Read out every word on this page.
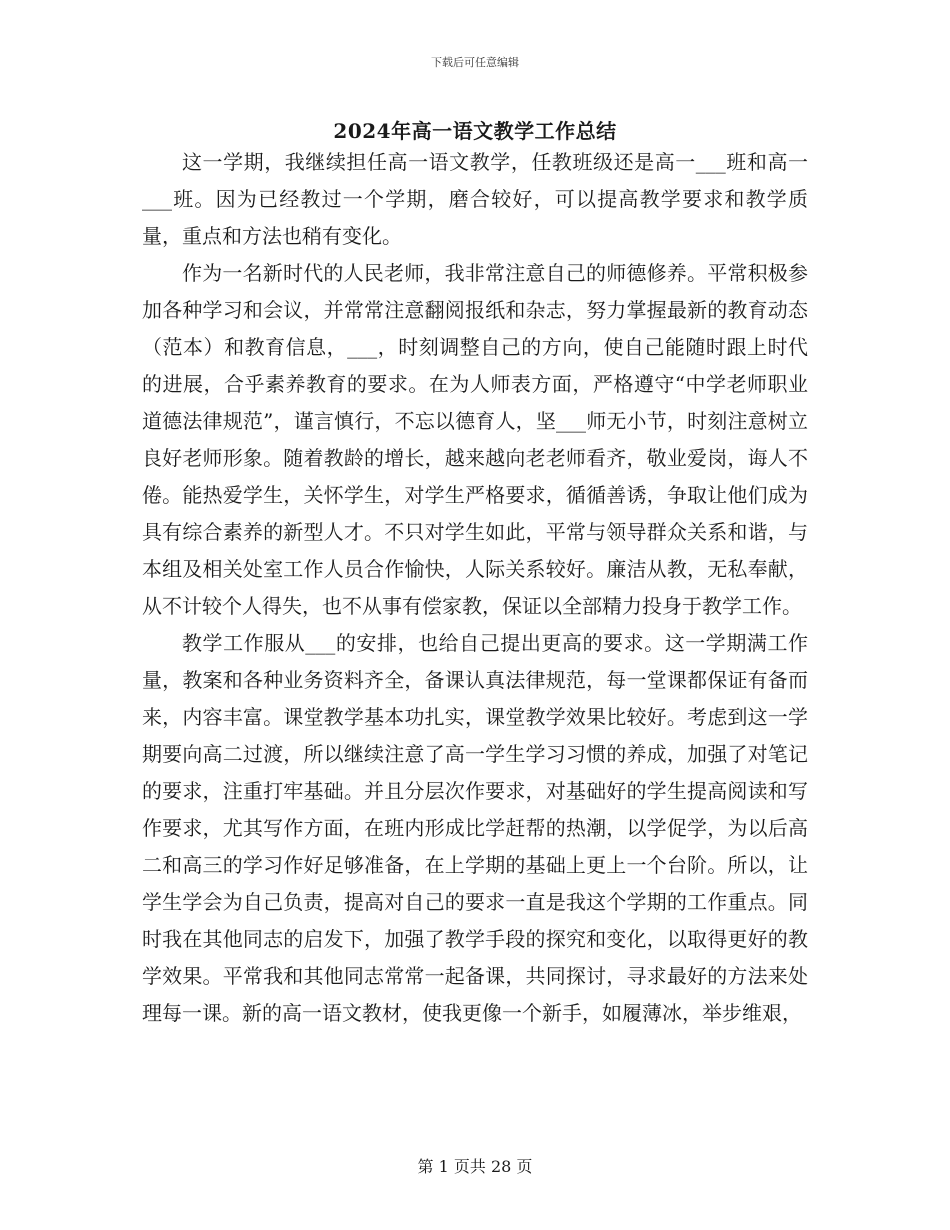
下载后可任意编辑
2024年高一语文教学工作总结

这一学期，我继续担任高一语文教学，任教班级还是高一___班和高一___班。因为已经教过一个学期，磨合较好，可以提高教学要求和教学质量，重点和方法也稍有变化。

作为一名新时代的人民老师，我非常注意自己的师德修养。平常积极参加各种学习和会议，并常常注意翻阅报纸和杂志，努力掌握最新的教育动态（范本）和教育信息，___，时刻调整自己的方向，使自己能随时跟上时代的进展，合乎素养教育的要求。在为人师表方面，严格遵守“中学老师职业道德法律规范”，谨言慎行，不忘以德育人，坚___师无小节，时刻注意树立良好老师形象。随着教龄的增长，越来越向老老师看齐，敬业爱岗，诲人不倦。能热爱学生，关怀学生，对学生严格要求，循循善诱，争取让他们成为具有综合素养的新型人才。不只对学生如此，平常与领导群众关系和谐，与本组及相关处室工作人员合作愉快，人际关系较好。廉洁从教，无私奉献，从不计较个人得失，也不从事有偿家教，保证以全部精力投身于教学工作。

教学工作服从___的安排，也给自己提出更高的要求。这一学期满工作量，教案和各种业务资料齐全，备课认真法律规范，每一堂课都保证有备而来，内容丰富。课堂教学基本功扎实，课堂教学效果比较好。考虑到这一学期要向高二过渡，所以继续注意了高一学生学习习惯的养成，加强了对笔记的要求，注重打牢基础。并且分层次作要求，对基础好的学生提高阅读和写作要求，尤其写作方面，在班内形成比学赶帮的热潮，以学促学，为以后高二和高三的学习作好足够准备，在上学期的基础上更上一个台阶。所以，让学生学会为自己负责，提高对自己的要求一直是我这个学期的工作重点。同时我在其他同志的启发下，加强了教学手段的探究和变化，以取得更好的教学效果。平常我和其他同志常常一起备课，共同探讨，寻求最好的方法来处理每一课。新的高一语文教材，使我更像一个新手，如履薄冰，举步维艰，

第 1 页共 28 页
